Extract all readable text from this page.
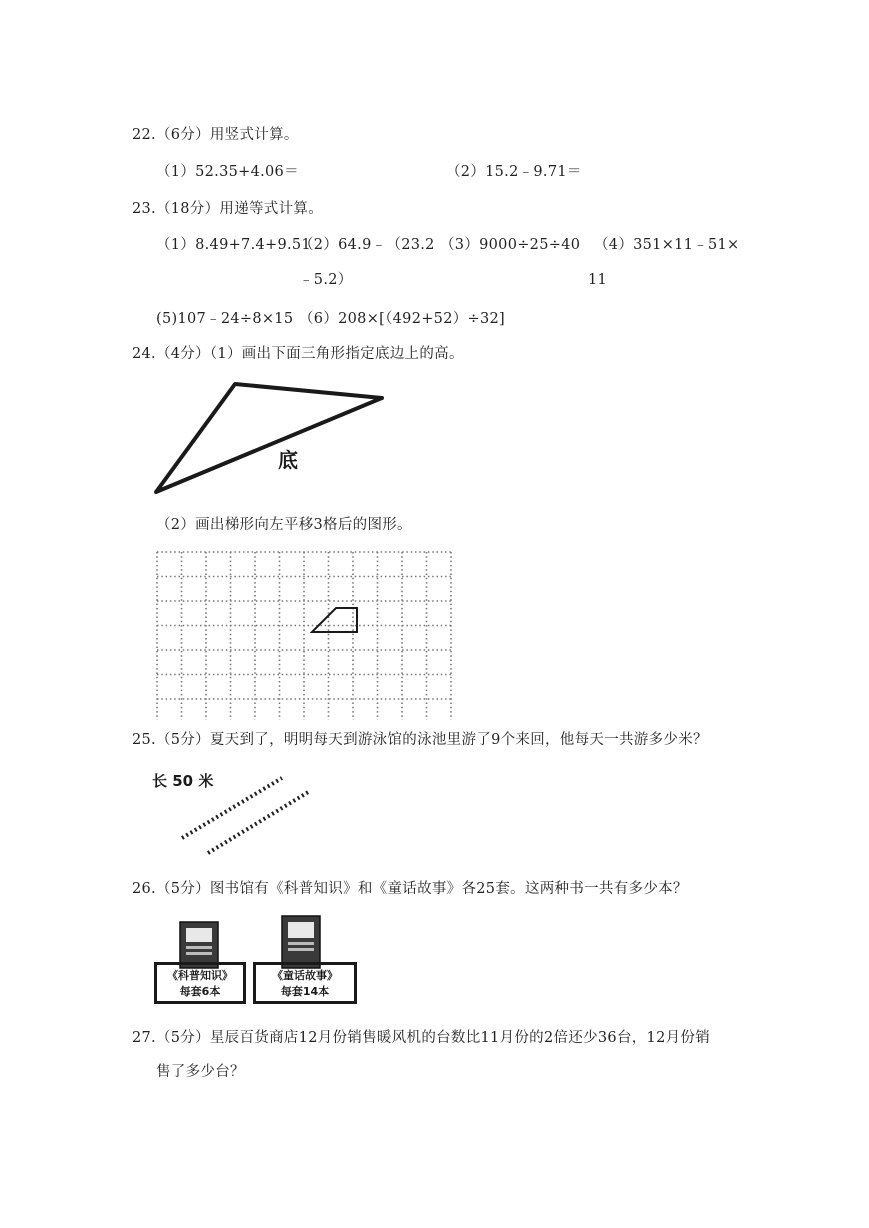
22.（6分）用竖式计算。
（1）52.35+4.06＝	（2）15.2﹣9.71＝
23.（18分）用递等式计算。
（1）8.49+7.4+9.51
（2）64.9﹣（23.2
﹣5.2）
（3）9000÷25÷40 （4）351×11﹣51×
11
(5)107﹣24÷8×15 （6）208×[（492+52）÷32]
24.（4分）（1）画出下面三角形指定底边上的高。
底
（2）画出梯形向左平移3格后的图形。
25.（5分）夏天到了，明明每天到游泳馆的泳池里游了9个来回，他每天一共游多少米？
长 50 米
26.（5分）图书馆有《科普知识》和《童话故事》各25套。这两种书一共有多少本？
《科普知识》
每套6本
《童话故事》
每套14本
27.（5分）星辰百货商店12月份销售暖风机的台数比11月份的2倍还少36台，12月份销
售了多少台？
